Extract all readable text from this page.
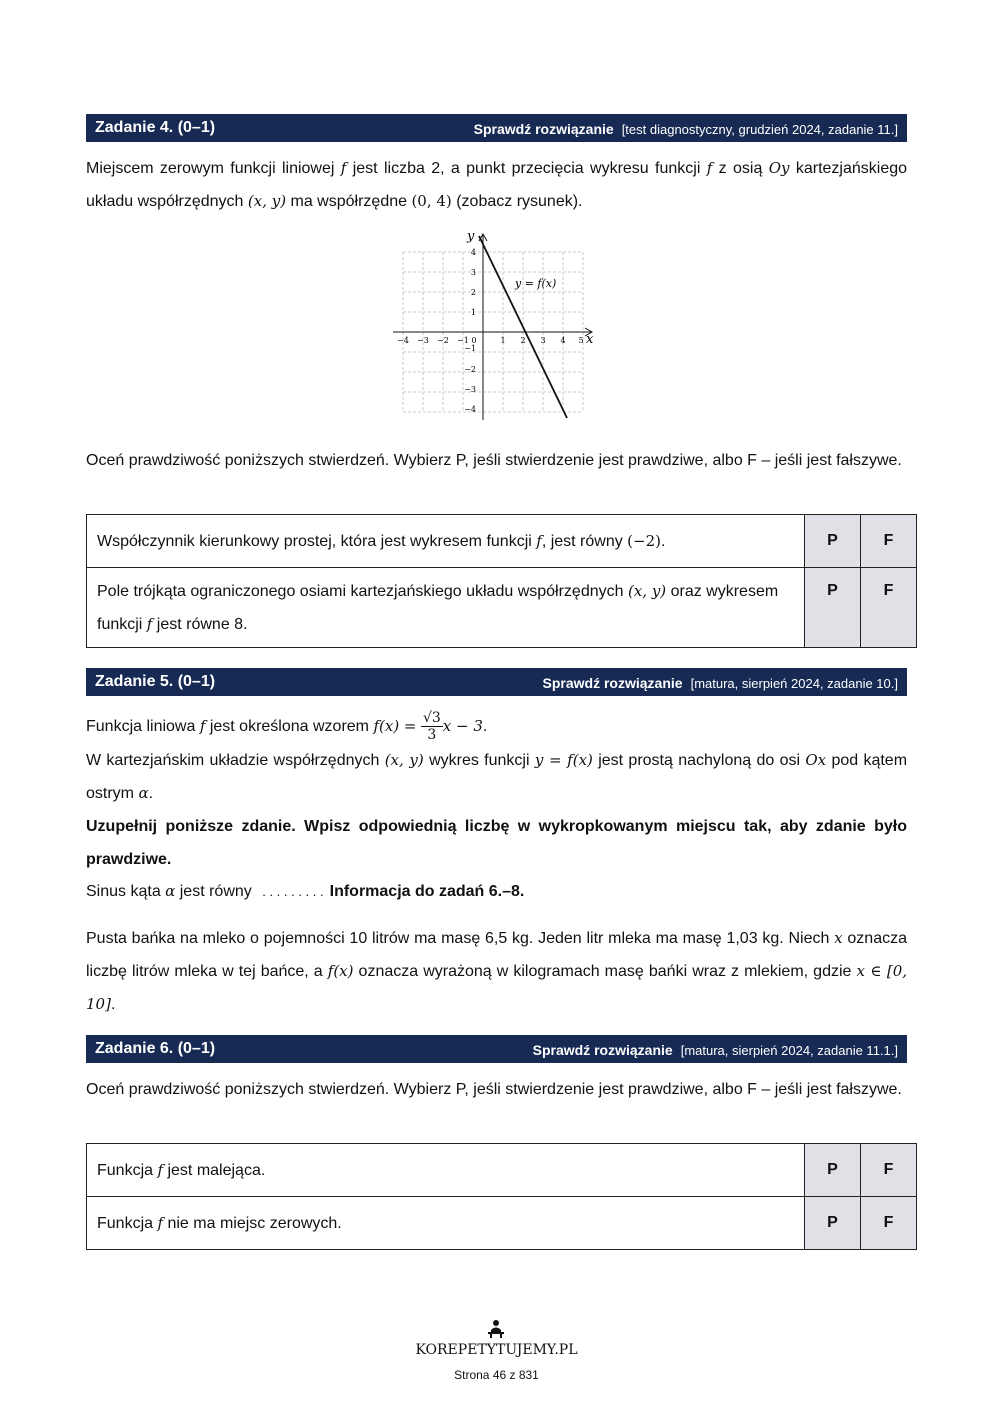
Zadanie 4. (0–1)	Sprawdź rozwiązanie [test diagnostyczny, grudzień 2024, zadanie 11.]
Miejscem zerowym funkcji liniowej f jest liczba 2, a punkt przecięcia wykresu funkcji f z osią Oy kartezjańskiego układu współrzędnych (x, y) ma współrzędne (0, 4) (zobacz rysunek).
x
y
y = f(x)
−4 −3 −2 −1 0	1 2 3 4 5
4
3
2
1
−1
−2
−3
−4
Oceń prawdziwość poniższych stwierdzeń. Wybierz P, jeśli stwierdzenie jest prawdziwe, albo F – jeśli jest fałszywe.
Współczynnik kierunkowy prostej, która jest wykresem funkcji f, jest równy (−2).	P	F
Pole trójkąta ograniczonego osiami kartezjańskiego układu współrzędnych (x, y) oraz wykresem funkcji f jest równe 8.	P	F
Zadanie 5. (0–1)	Sprawdź rozwiązanie [matura, sierpień 2024, zadanie 10.]
Funkcja liniowa f jest określona wzorem $f(x) = \frac{√3}{3}$ x − 3.
W kartezjańskim układzie współrzędnych (x, y) wykres funkcji y = f(x) jest prostą nachyloną do osi Ox pod kątem ostrym α.
Uzupełnij poniższe zdanie. Wpisz odpowiednią liczbę w wykropkowanym miejscu tak, aby zdanie było prawdziwe.
Sinus kąta α jest równy . . . . . . . . . Informacja do zadań 6.–8.
Pusta bańka na mleko o pojemności 10 litrów ma masę 6,5 kg. Jeden litr mleka ma masę 1,03 kg. Niech x oznacza liczbę litrów mleka w tej bańce, a f(x) oznacza wyrażoną w kilogramach masę bańki wraz z mlekiem, gdzie x ∈ [0, 10].
Zadanie 6. (0–1)	Sprawdź rozwiązanie [matura, sierpień 2024, zadanie 11.1.]
Oceń prawdziwość poniższych stwierdzeń. Wybierz P, jeśli stwierdzenie jest prawdziwe, albo F – jeśli jest fałszywe.
Funkcja f jest malejąca.	P	F
Funkcja f nie ma miejsc zerowych.	P	F
KOREPETYTUJEMY.PL
Strona 46 z 831
